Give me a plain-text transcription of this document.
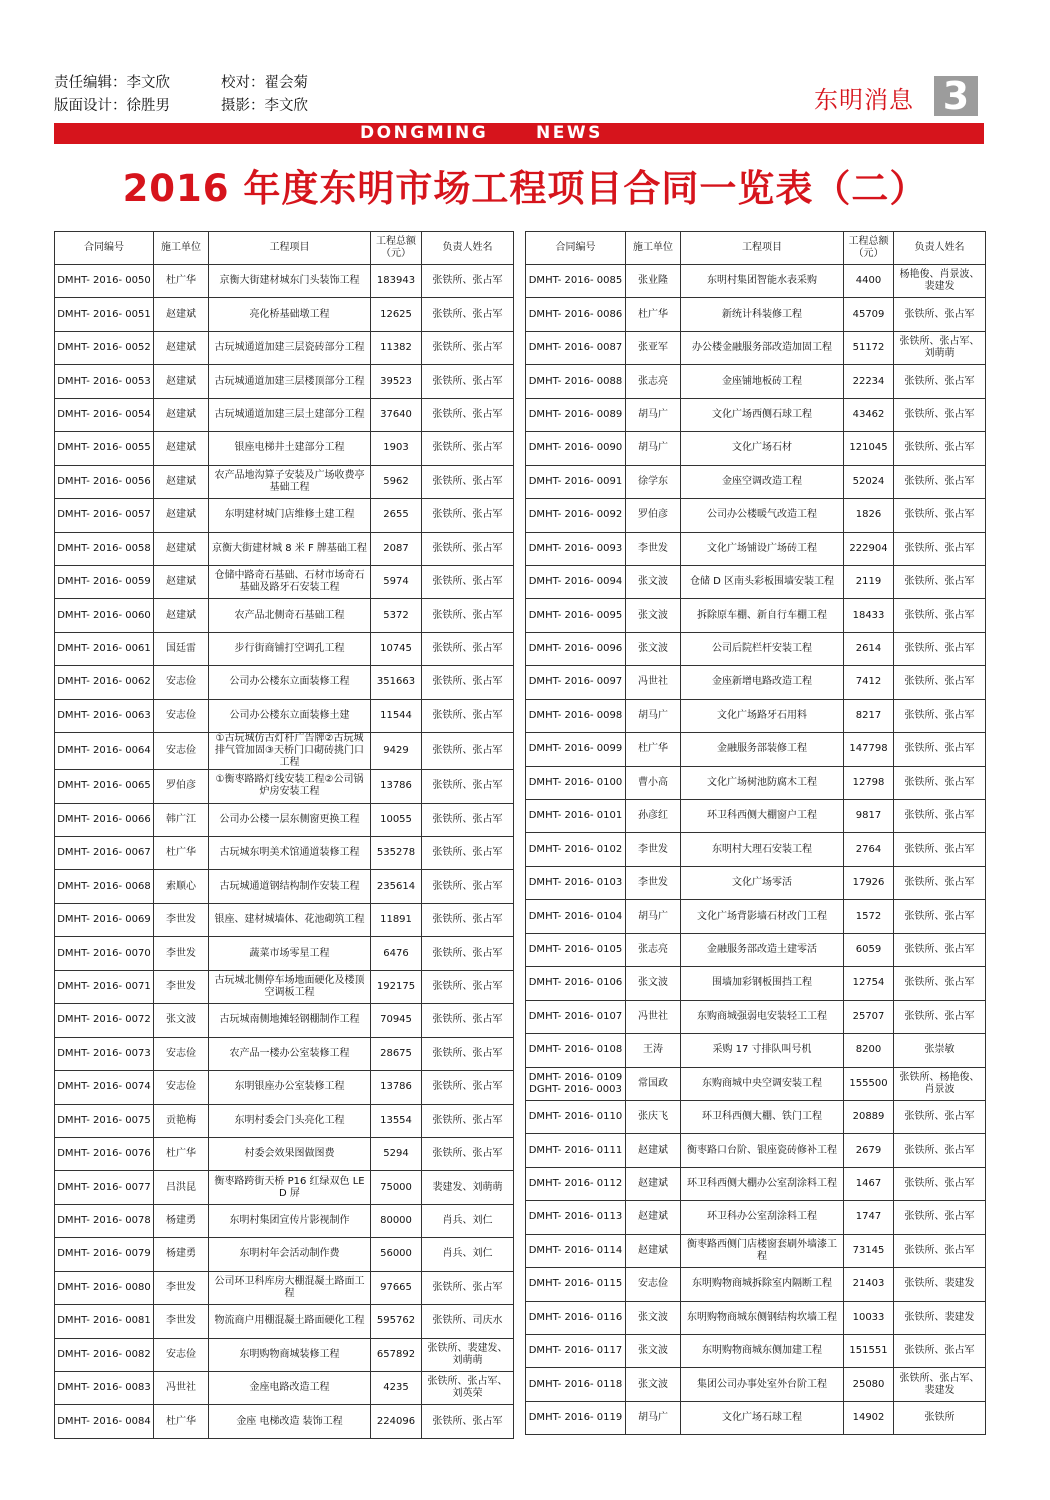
责任编辑：李文欣	校对：翟会菊
版面设计：徐胜男	摄影：李文欣	东明消息 3
DONGMING	NEWS
2016 年度东明市场工程项目合同一览表（二）
合同编号	施工单位	工程项目	工程总额（元）	负责人姓名
DMHT- 2016- 0050	杜广华	京衡大街建材城东门头装饰工程	183943	张铁所、张占军
DMHT- 2016- 0051	赵建斌	亮化桥基础墩工程	12625	张铁所、张占军
DMHT- 2016- 0052	赵建斌	古玩城通道加建三层瓷砖部分工程	11382	张铁所、张占军
DMHT- 2016- 0053	赵建斌	古玩城通道加建三层楼顶部分工程	39523	张铁所、张占军
DMHT- 2016- 0054	赵建斌	古玩城通道加建三层土建部分工程	37640	张铁所、张占军
DMHT- 2016- 0055	赵建斌	银座电梯井土建部分工程	1903	张铁所、张占军
DMHT- 2016- 0056	赵建斌	农产品地沟算子安装及广场收费亭基础工程	5962	张铁所、张占军
DMHT- 2016- 0057	赵建斌	东明建材城门店维修土建工程	2655	张铁所、张占军
DMHT- 2016- 0058	赵建斌	京衡大街建材城 8 米 F 牌基础工程	2087	张铁所、张占军
DMHT- 2016- 0059	赵建斌	仓储中路奇石基础、石材市场奇石基础及路牙石安装工程	5974	张铁所、张占军
DMHT- 2016- 0060	赵建斌	农产品北侧奇石基础工程	5372	张铁所、张占军
DMHT- 2016- 0061	国廷雷	步行街商铺打空调孔工程	10745	张铁所、张占军
DMHT- 2016- 0062	安志俭	公司办公楼东立面装修工程	351663	张铁所、张占军
DMHT- 2016- 0063	安志俭	公司办公楼东立面装修土建	11544	张铁所、张占军
DMHT- 2016- 0064	安志俭	①古玩城仿古灯杆广告牌②古玩城排气管加固③天桥门口砌砖挑门口工程	9429	张铁所、张占军
DMHT- 2016- 0065	罗伯彦	①衡枣路路灯线安装工程②公司锅炉房安装工程	13786	张铁所、张占军
DMHT- 2016- 0066	韩广江	公司办公楼一层东侧窗更换工程	10055	张铁所、张占军
DMHT- 2016- 0067	杜广华	古玩城东明美术馆通道装修工程	535278	张铁所、张占军
DMHT- 2016- 0068	索顺心	古玩城通道钢结构制作安装工程	235614	张铁所、张占军
DMHT- 2016- 0069	李世发	银座、建材城墙体、花池砌筑工程	11891	张铁所、张占军
DMHT- 2016- 0070	李世发	蔬菜市场零星工程	6476	张铁所、张占军
DMHT- 2016- 0071	李世发	古玩城北侧停车场地面硬化及楼顶空调板工程	192175	张铁所、张占军
DMHT- 2016- 0072	张文波	古玩城南侧地摊轻钢棚制作工程	70945	张铁所、张占军
DMHT- 2016- 0073	安志俭	农产品一楼办公室装修工程	28675	张铁所、张占军
DMHT- 2016- 0074	安志俭	东明银座办公室装修工程	13786	张铁所、张占军
DMHT- 2016- 0075	贡艳梅	东明村委会门头亮化工程	13554	张铁所、张占军
DMHT- 2016- 0076	杜广华	村委会效果图做图费	5294	张铁所、张占军
DMHT- 2016- 0077	吕洪昆	衡枣路跨街天桥 P16 红绿双色 LED 屏	75000	裴建发、刘萌萌
DMHT- 2016- 0078	杨建勇	东明村集团宣传片影视制作	80000	肖兵、刘仁
DMHT- 2016- 0079	杨建勇	东明村年会活动制作费	56000	肖兵、刘仁
DMHT- 2016- 0080	李世发	公司环卫科库房大棚混凝土路面工程	97665	张铁所、张占军
DMHT- 2016- 0081	李世发	物流商户用棚混凝土路面硬化工程	595762	张铁所、司庆水
DMHT- 2016- 0082	安志俭	东明购物商城装修工程	657892	张铁所、裴建发、刘萌萌
DMHT- 2016- 0083	冯世社	金座电路改造工程	4235	张铁所、张占军、刘英荣
DMHT- 2016- 0084	杜广华	金座 电梯改造 装饰工程	224096	张铁所、张占军
合同编号	施工单位	工程项目	工程总额（元）	负责人姓名
DMHT- 2016- 0085	张业隆	东明村集团智能水表采购	4400	杨艳俊、肖景波、裴建发
DMHT- 2016- 0086	杜广华	新统计科装修工程	45709	张铁所、张占军
DMHT- 2016- 0087	张亚军	办公楼金融服务部改造加固工程	51172	张铁所、张占军、刘萌萌
DMHT- 2016- 0088	张志亮	金座铺地板砖工程	22234	张铁所、张占军
DMHT- 2016- 0089	胡马广	文化广场西侧石球工程	43462	张铁所、张占军
DMHT- 2016- 0090	胡马广	文化广场石材	121045	张铁所、张占军
DMHT- 2016- 0091	徐学东	金座空调改造工程	52024	张铁所、张占军
DMHT- 2016- 0092	罗伯彦	公司办公楼暖气改造工程	1826	张铁所、张占军
DMHT- 2016- 0093	李世发	文化广场铺设广场砖工程	222904	张铁所、张占军
DMHT- 2016- 0094	张文波	仓储 D 区南头彩板围墙安装工程	2119	张铁所、张占军
DMHT- 2016- 0095	张文波	拆除原车棚、新自行车棚工程	18433	张铁所、张占军
DMHT- 2016- 0096	张文波	公司后院栏杆安装工程	2614	张铁所、张占军
DMHT- 2016- 0097	冯世社	金座新增电路改造工程	7412	张铁所、张占军
DMHT- 2016- 0098	胡马广	文化广场路牙石用料	8217	张铁所、张占军
DMHT- 2016- 0099	杜广华	金融服务部装修工程	147798	张铁所、张占军
DMHT- 2016- 0100	曹小高	文化广场树池防腐木工程	12798	张铁所、张占军
DMHT- 2016- 0101	孙彦红	环卫科西侧大棚窗户工程	9817	张铁所、张占军
DMHT- 2016- 0102	李世发	东明村大理石安装工程	2764	张铁所、张占军
DMHT- 2016- 0103	李世发	文化广场零活	17926	张铁所、张占军
DMHT- 2016- 0104	胡马广	文化广场背影墙石材改门工程	1572	张铁所、张占军
DMHT- 2016- 0105	张志亮	金融服务部改造土建零活	6059	张铁所、张占军
DMHT- 2016- 0106	张文波	围墙加彩钢板围挡工程	12754	张铁所、张占军
DMHT- 2016- 0107	冯世社	东购商城强弱电安装轻工工程	25707	张铁所、张占军
DMHT- 2016- 0108	王涛	采购 17 寸排队叫号机	8200	张崇敏
DMHT- 2016- 0109 DGHT- 2016- 0003	常国政	东购商城中央空调安装工程	155500	张铁所、杨艳俊、肖景波
DMHT- 2016- 0110	张庆飞	环卫科西侧大棚、铁门工程	20889	张铁所、张占军
DMHT- 2016- 0111	赵建斌	衡枣路口台阶、银座瓷砖修补工程	2679	张铁所、张占军
DMHT- 2016- 0112	赵建斌	环卫科西侧大棚办公室刮涂料工程	1467	张铁所、张占军
DMHT- 2016- 0113	赵建斌	环卫科办公室刮涂料工程	1747	张铁所、张占军
DMHT- 2016- 0114	赵建斌	衡枣路西侧门店楼窗套刷外墙漆工程	73145	张铁所、张占军
DMHT- 2016- 0115	安志俭	东明购物商城拆除室内隔断工程	21403	张铁所、裴建发
DMHT- 2016- 0116	张文波	东明购物商城东侧钢结构坎墙工程	10033	张铁所、裴建发
DMHT- 2016- 0117	张文波	东明购物商城东侧加建工程	151551	张铁所、张占军
DMHT- 2016- 0118	张文波	集团公司办事处室外台阶工程	25080	张铁所、张占军、裴建发
DMHT- 2016- 0119	胡马广	文化广场石球工程	14902	张铁所
